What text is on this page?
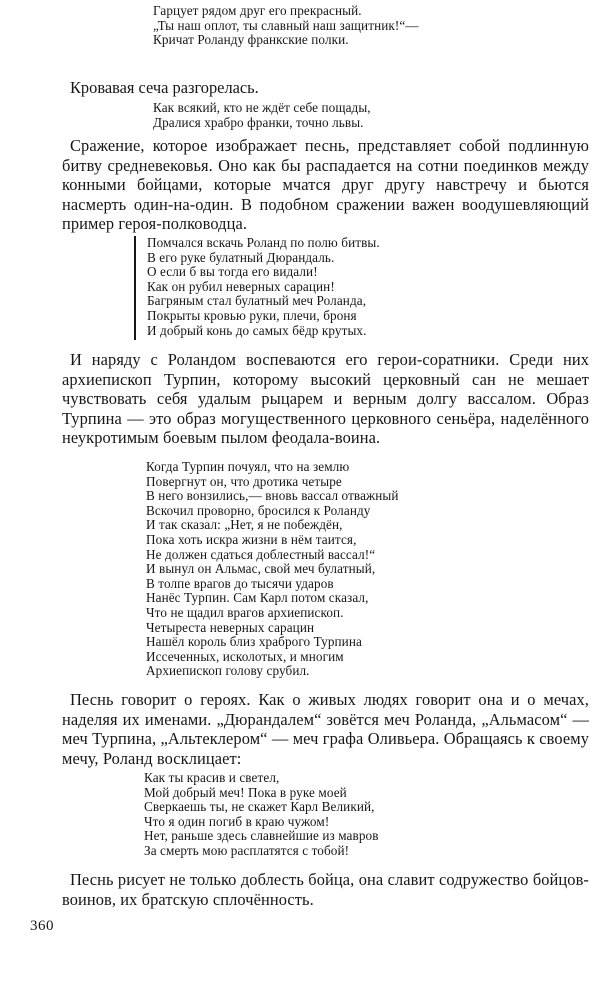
Гарцует рядом друг его прекрасный.
„Ты наш оплот, ты славный наш защитник!“—
Кричат Роланду франкские полки.
Кровавая сеча разгорелась.
Как всякий, кто не ждёт себе пощады,
Дралися храбро франки, точно львы.
Сражение, которое изображает песнь, представляет собой подлинную битву средневековья. Оно как бы распадается на сотни поединков между конными бойцами, которые мчатся друг другу навстречу и бьются насмерть один-на-один. В подобном сражении важен воодушевляющий пример героя-полководца.
Помчался вскачь Роланд по полю битвы.
В его руке булатный Дюрандаль.
О если б вы тогда его видали!
Как он рубил неверных сарацин!
Багряным стал булатный меч Роланда,
Покрыты кровью руки, плечи, броня
И добрый конь до самых бёдр крутых.
И наряду с Роландом воспеваются его герои-соратники. Среди них архиепископ Турпин, которому высокий церковный сан не мешает чувствовать себя удалым рыцарем и верным долгу вассалом. Образ Турпина — это образ могущественного церковного сеньёра, наделённого неукротимым боевым пылом феодала-воина.
Когда Турпин почуял, что на землю
Повергнут он, что дротика четыре
В него вонзились,— вновь вассал отважный
Вскочил проворно, бросился к Роланду
И так сказал: „Нет, я не побеждён,
Пока хоть искра жизни в нём таится,
Не должен сдаться доблестный вассал!“
И вынул он Альмас, свой меч булатный,
В толпе врагов до тысячи ударов
Нанёс Турпин. Сам Карл потом сказал,
Что не щадил врагов архиепископ.
Четыреста неверных сарацин
Нашёл король близ храброго Турпина
Иссеченных, исколотых, и многим
Архиепископ голову срубил.
Песнь говорит о героях. Как о живых людях говорит она и о мечах, наделяя их именами. „Дюрандалем“ зовётся меч Роланда, „Альмасом“ — меч Турпина, „Альтеклером“ — меч графа Оливьера. Обращаясь к своему мечу, Роланд восклицает:
Как ты красив и светел,
Мой добрый меч! Пока в руке моей
Сверкаешь ты, не скажет Карл Великий,
Что я один погиб в краю чужом!
Нет, раньше здесь славнейшие из мавров
За смерть мою расплатятся с тобой!
Песнь рисует не только доблесть бойца, она славит содружество бойцов-воинов, их братскую сплочённость.
360
